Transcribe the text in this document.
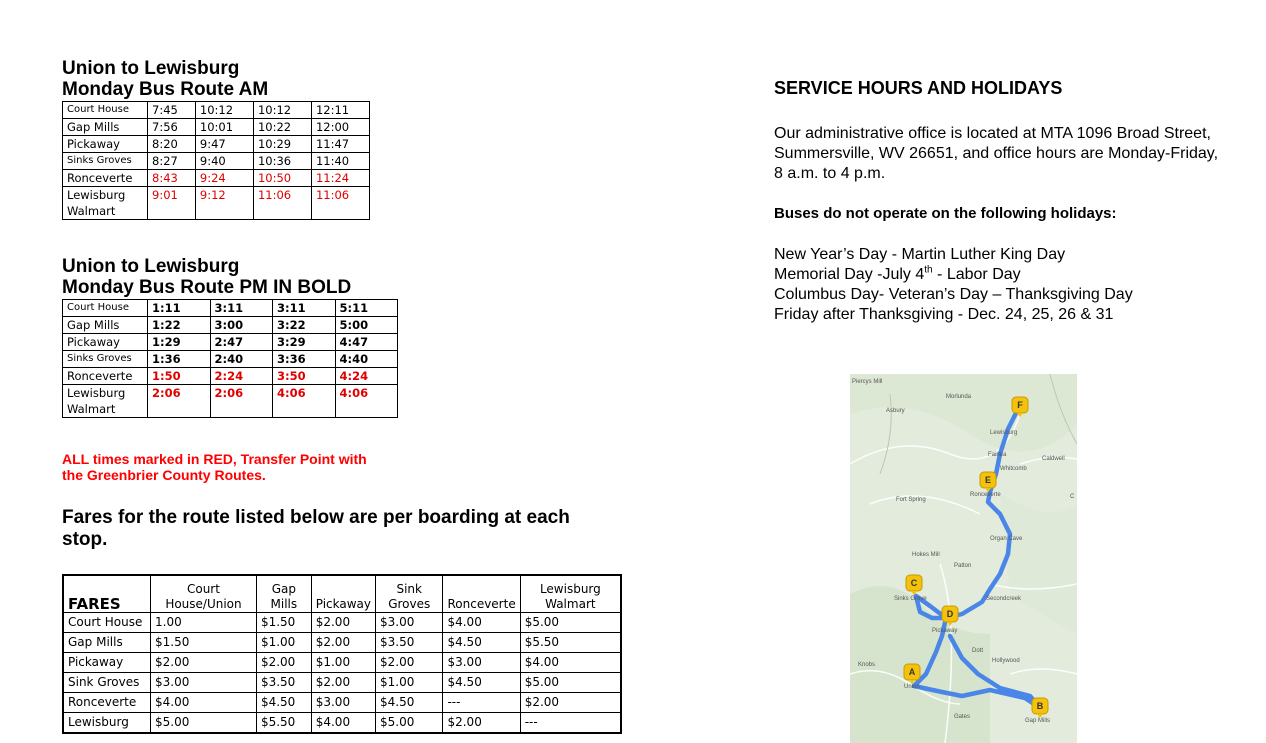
Union to Lewisburg
Monday Bus Route AM
Court House	7:45	10:12	10:12	12:11
Gap Mills	7:56	10:01	10:22	12:00
Pickaway	8:20	9:47	10:29	11:47
Sinks Groves	8:27	9:40	10:36	11:40
Ronceverte	8:43	9:24	10:50	11:24
Lewisburg Walmart	9:01	9:12	11:06	11:06
Union to Lewisburg
Monday Bus Route PM IN BOLD
Court House	1:11	3:11	3:11	5:11
Gap Mills	1:22	3:00	3:22	5:00
Pickaway	1:29	2:47	3:29	4:47
Sinks Groves	1:36	2:40	3:36	4:40
Ronceverte	1:50	2:24	3:50	4:24
Lewisburg Walmart	2:06	2:06	4:06	4:06
ALL times marked in RED, Transfer Point with
the Greenbrier County Routes.
Fares for the route listed below are per boarding at each
stop.
FARES	Court House/Union	Gap Mills	Pickaway	Sink Groves	Ronceverte	Lewisburg Walmart
Court House	1.00	$1.50	$2.00	$3.00	$4.00	$5.00
Gap Mills	$1.50	$1.00	$2.00	$3.50	$4.50	$5.50
Pickaway	$2.00	$2.00	$1.00	$2.00	$3.00	$4.00
Sink Groves	$3.00	$3.50	$2.00	$1.00	$4.50	$5.00
Ronceverte	$4.00	$4.50	$3.00	$4.50	---	$2.00
Lewisburg	$5.00	$5.50	$4.00	$5.00	$2.00	---
SERVICE HOURS AND HOLIDAYS
Our administrative office is located at MTA 1096 Broad Street,
Summersville, WV 26651, and office hours are Monday-Friday,
8 a.m. to 4 p.m.
Buses do not operate on the following holidays:
New Year’s Day - Martin Luther King Day
Memorial Day -July 4th - Labor Day
Columbus Day- Veteran’s Day – Thanksgiving Day
Friday after Thanksgiving - Dec. 24, 25, 26 & 31
Piercys Mill
Asbury
Morlunda
Lewisburg
Fairlea
Whitcomb
Caldwell
Fort Spring
Ronceverte
Organ Cave
Hokes Mill
Patton
Sinks Grove	Secondcreek
Pickaway
Knobs
Dott
Hollywood
Union
Gates
Gap Mills
C
A
B
C
D
E
F
